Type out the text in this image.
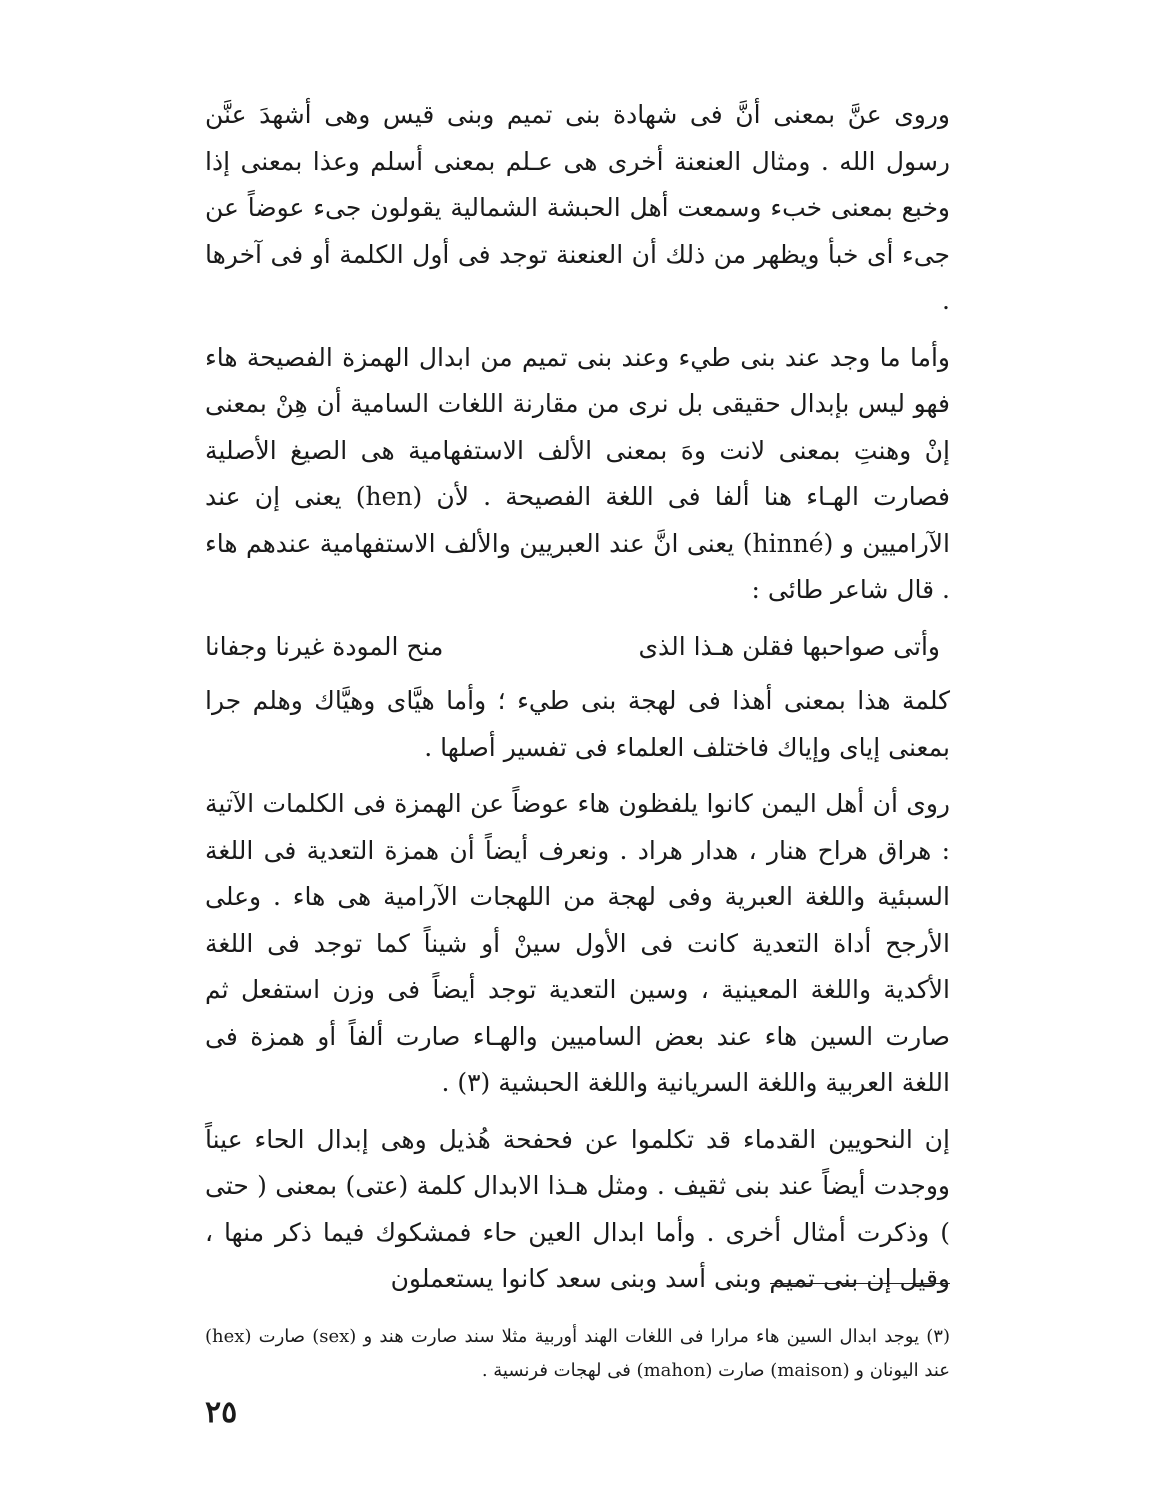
وروى عنَّ بمعنى أنَّ فى شهادة بنى تميم وبنى قيس وهى أشهدَ عنَّن رسول الله . ومثال العنعنة أخرى هى عـلم بمعنى أسلم وعذا بمعنى إذا وخبع بمعنى خبء وسمعت أهل الحبشة الشمالية يقولون جىء عوضاً عن جىء أى خبأ ويظهر من ذلك أن العنعنة توجد فى أول الكلمة أو فى آخرها .

وأما ما وجد عند بنى طيء وعند بنى تميم من ابدال الهمزة الفصيحة هاء فهو ليس بإبدال حقيقى بل نرى من مقارنة اللغات السامية أن هِنْ بمعنى إنْ وهنتِ بمعنى لانت وهَ بمعنى الألف الاستفهامية هى الصيغ الأصلية فصارت الهـاء هنا ألفا فى اللغة الفصيحة . لأن (hen) يعنى إن عند الآراميين و (hinné) يعنى انَّ عند العبريين والألف الاستفهامية عندهم هاء . قال شاعر طائى :

وأتى صواحبها فقلن هـذا الذى
منح المودة غيرنا وجفانا

كلمة هذا بمعنى أهذا فى لهجة بنى طيء ؛ وأما هيَّاى وهيَّاك وهلم جرا بمعنى إياى وإياك فاختلف العلماء فى تفسير أصلها .

روى أن أهل اليمن كانوا يلفظون هاء عوضاً عن الهمزة فى الكلمات الآتية : هراق هراح هنار ، هدار هراد . ونعرف أيضاً أن همزة التعدية فى اللغة السبئية واللغة العبرية وفى لهجة من اللهجات الآرامية هى هاء . وعلى الأرجح أداة التعدية كانت فى الأول سينْ أو شيناً كما توجد فى اللغة الأكدية واللغة المعينية ، وسين التعدية توجد أيضاً فى وزن استفعل ثم صارت السين هاء عند بعض الساميين والهـاء صارت ألفاً أو همزة فى اللغة العربية واللغة السريانية واللغة الحبشية (٣) .

إن النحويين القدماء قد تكلموا عن فحفحة هُذيل وهى إبدال الحاء عيناً ووجدت أيضاً عند بنى ثقيف . ومثل هـذا الابدال كلمة (عتى) بمعنى ( حتى ) وذكرت أمثال أخرى . وأما ابدال العين حاء فمشكوك فيما ذكر منها ، وقيل إن بنى تميم وبنى أسد وبنى سعد كانوا يستعملون

(٣) يوجد ابدال السين هاء مرارا فى اللغات الهند أوربية مثلا سند صارت هند و (sex) صارت (hex) عند اليونان و (maison) صارت (mahon) فى لهجات فرنسية .

٢٥
